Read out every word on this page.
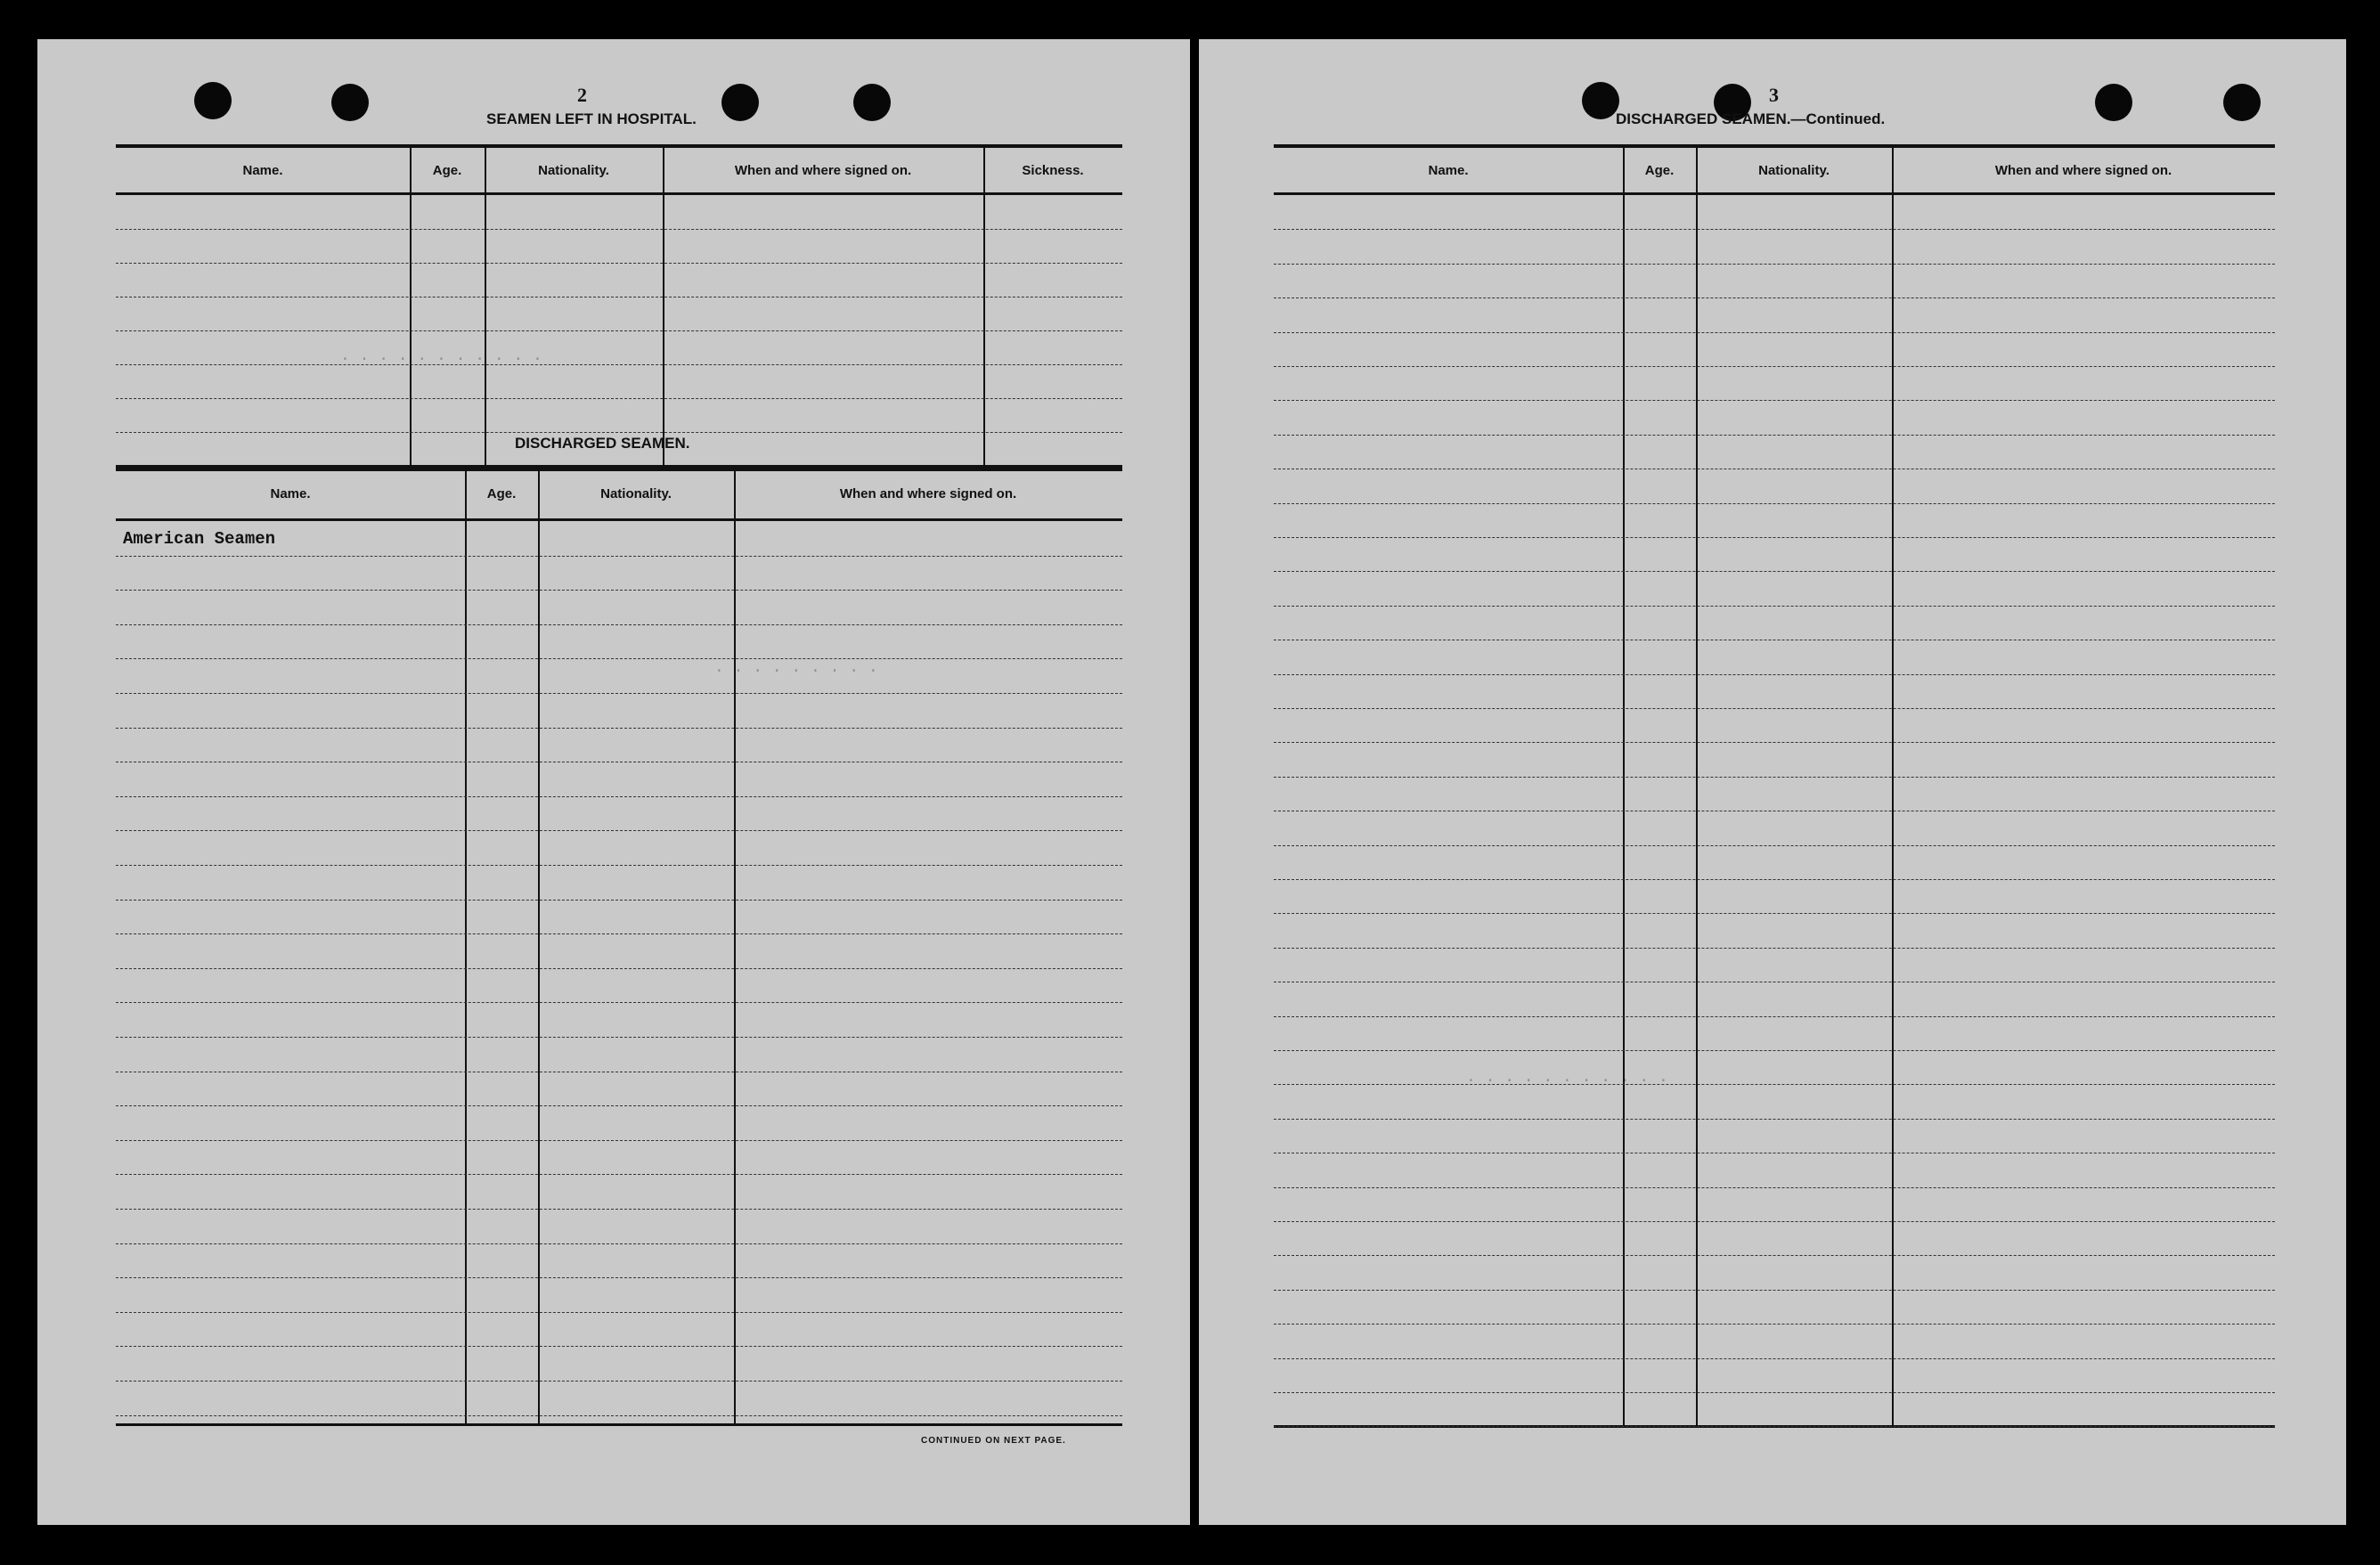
2
SEAMEN LEFT IN HOSPITAL.
Name.	Age.	Nationality.	When and where signed on.	Sickness.
DISCHARGED SEAMEN.
Name.	Age.	Nationality.	When and where signed on.
American Seamen
CONTINUED ON NEXT PAGE.
· · · · · · · · · · ·
· · · · · · · · ·
3
DISCHARGED SEAMEN.—Continued.
Name.	Age.	Nationality.	When and where signed on.
· · · · · · · · · · ·
